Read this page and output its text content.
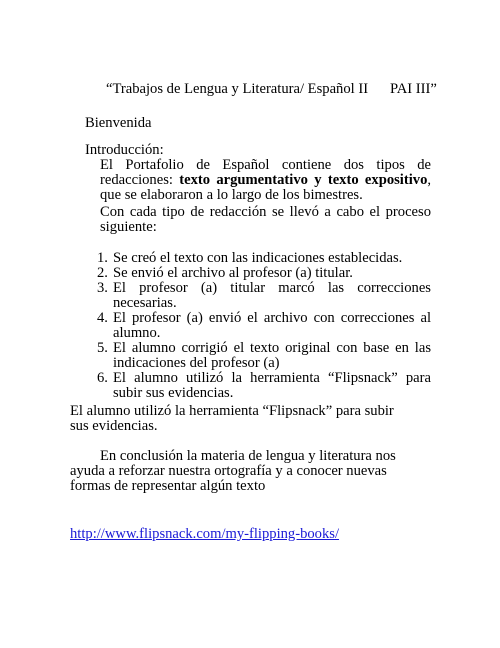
“Trabajos de Lengua y Literatura/ Español II      PAI III”
Bienvenida
Introducción:
El Portafolio de Español contiene dos tipos de redacciones: texto argumentativo y texto expositivo, que se elaboraron a lo largo de los bimestres.
Con cada tipo de redacción se llevó a cabo el proceso siguiente:
1. Se creó el texto con las indicaciones establecidas.
2. Se envió el archivo al profesor (a) titular.
3. El profesor (a) titular marcó las correcciones necesarias.
4. El profesor (a) envió el archivo con correcciones al alumno.
5. El alumno corrigió el texto original con base en las indicaciones del profesor (a)
6. El alumno utilizó la herramienta “Flipsnack” para subir sus evidencias.
El alumno utilizó la herramienta “Flipsnack” para subir sus evidencias.
En conclusión la materia de lengua y literatura nos ayuda a reforzar nuestra ortografía y a conocer nuevas formas de representar algún texto
http://www.flipsnack.com/my-flipping-books/
